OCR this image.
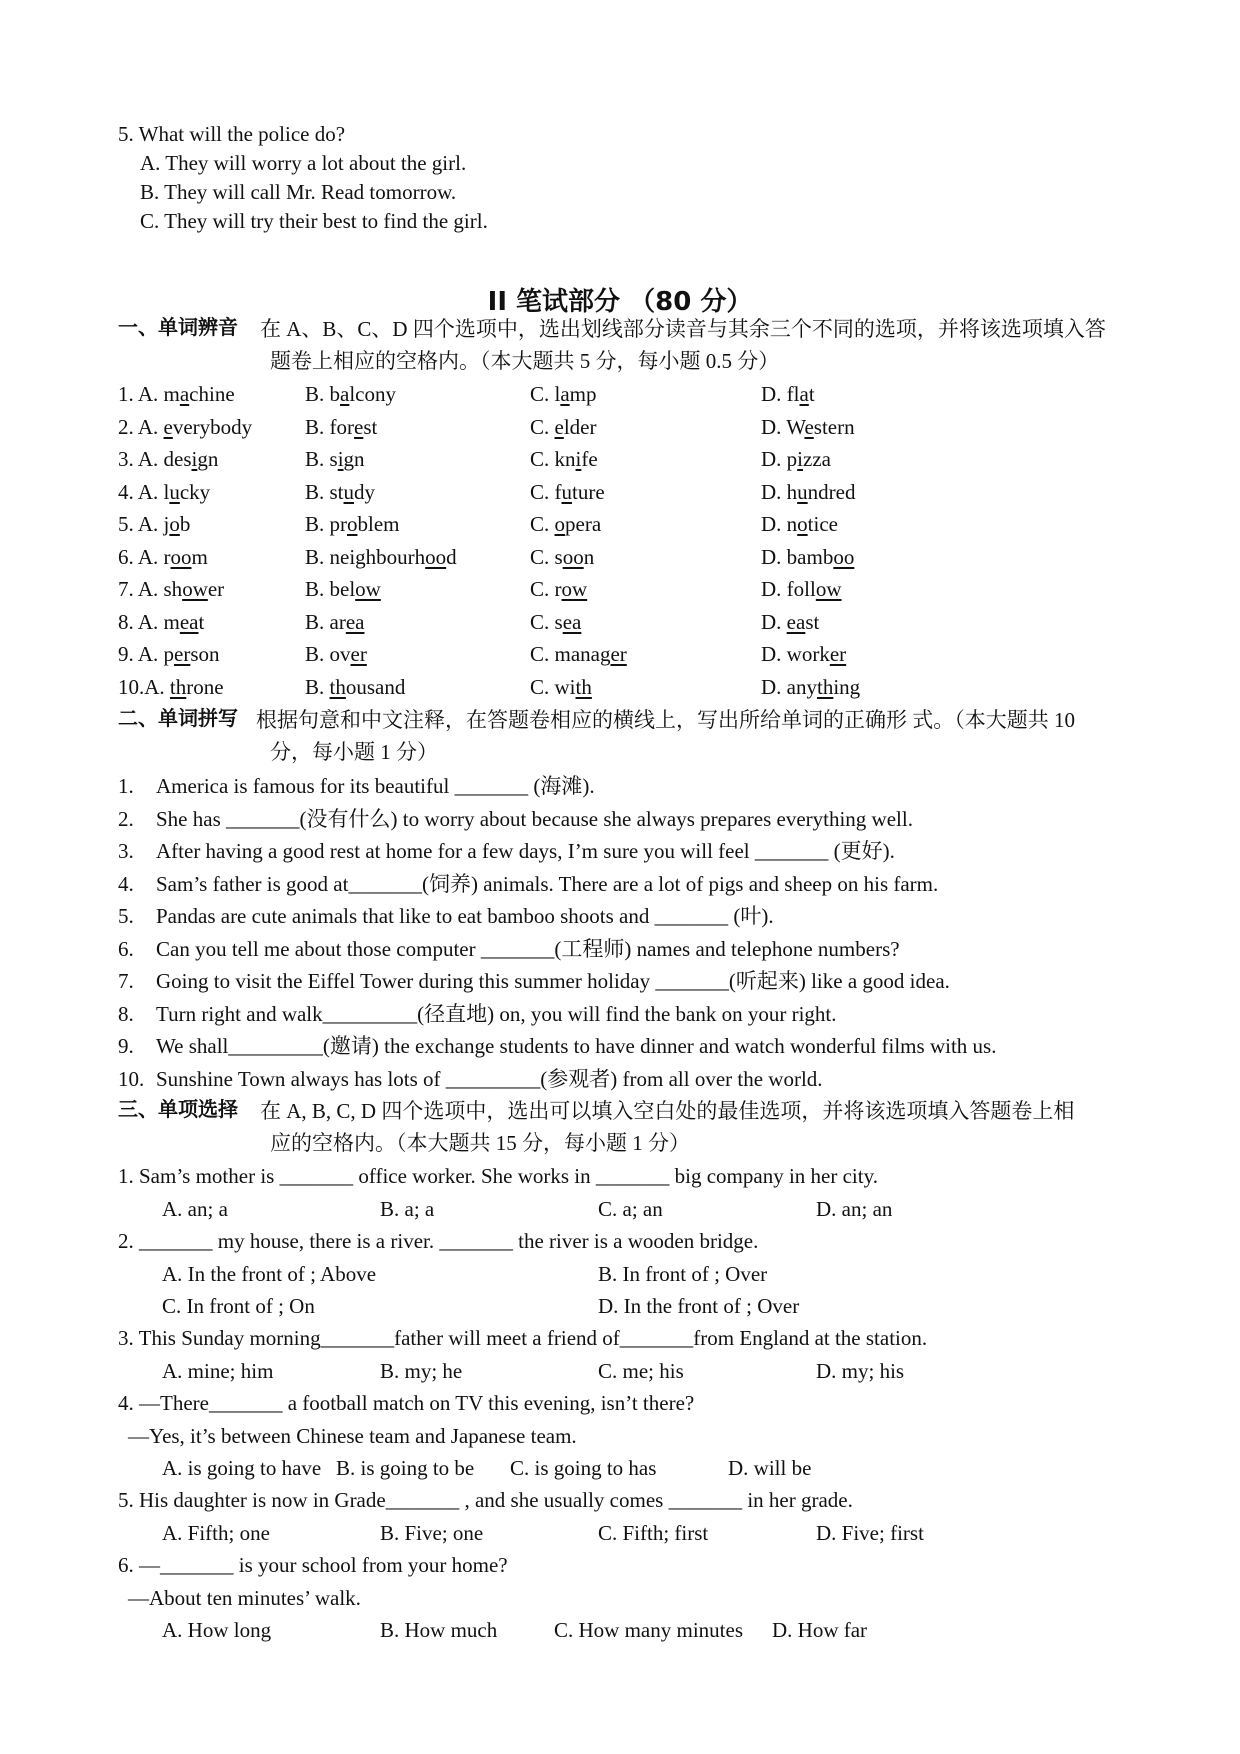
5. What will the police do?
A. They will worry a lot about the girl.
B. They will call Mr. Read tomorrow.
C. They will try their best to find the girl.
II 笔试部分 （80 分）
一、单词辨音 在 A、B、C、D 四个选项中，选出划线部分读音与其余三个不同的选项，并将该选项填入答
题卷上相应的空格内。（本大题共 5 分，每小题 0.5 分）
1. A. machine	B. balcony	C. lamp	D. flat
2. A. everybody	B. forest	C. elder	D. Western
3. A. design	B. sign	C. knife	D. pizza
4. A. lucky	B. study	C. future	D. hundred
5. A. job	B. problem	C. opera	D. notice
6. A. room	B. neighbourhood	C. soon	D. bamboo
7. A. shower	B. below	C. row	D. follow
8. A. meat	B. area	C. sea	D. east
9. A. person	B. over	C. manager	D. worker
10.A. throne	B. thousand	C. with	D. anything
二、单词拼写 根据句意和中文注释，在答题卷相应的横线上，写出所给单词的正确形 式。（本大题共 10
分，每小题 1 分）
1. America is famous for its beautiful _______ (海滩).
2. She has _______(没有什么) to worry about because she always prepares everything well.
3. After having a good rest at home for a few days, I’m sure you will feel _______ (更好).
4. Sam’s father is good at_______(饲养) animals. There are a lot of pigs and sheep on his farm.
5. Pandas are cute animals that like to eat bamboo shoots and _______ (叶).
6. Can you tell me about those computer _______(工程师) names and telephone numbers?
7. Going to visit the Eiffel Tower during this summer holiday _______(听起来) like a good idea.
8. Turn right and walk_________(径直地) on, you will find the bank on your right.
9. We shall_________(邀请) the exchange students to have dinner and watch wonderful films with us.
10. Sunshine Town always has lots of _________(参观者) from all over the world.
三、单项选择 在 A, B, C, D 四个选项中，选出可以填入空白处的最佳选项，并将该选项填入答题卷上相
应的空格内。（本大题共 15 分，每小题 1 分）
1. Sam’s mother is _______ office worker. She works in _______ big company in her city.
A. an; a	B. a; a	C. a; an	D. an; an
2. _______ my house, there is a river. _______ the river is a wooden bridge.
A. In the front of ; Above	B. In front of ; Over
C. In front of ; On	D. In the front of ; Over
3. This Sunday morning_______father will meet a friend of_______from England at the station.
A. mine; him	B. my; he	C. me; his	D. my; his
4. —There_______ a football match on TV this evening, isn’t there?
—Yes, it’s between Chinese team and Japanese team.
A. is going to have B. is going to be C. is going to has	D. will be
5. His daughter is now in Grade_______ , and she usually comes _______ in her grade.
A. Fifth; one	B. Five; one	C. Fifth; first	D. Five; first
6. —_______ is your school from your home?
—About ten minutes’ walk.
A. How long	B. How much	C. How many minutes D. How far
